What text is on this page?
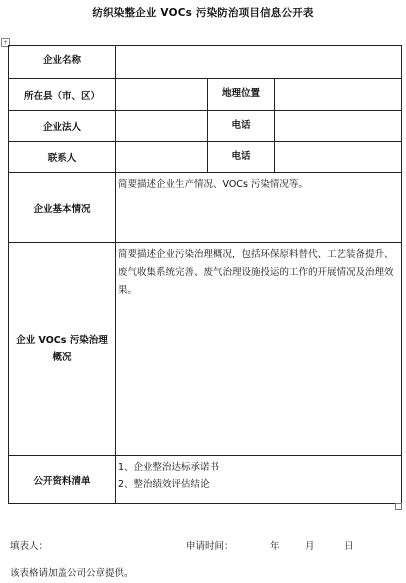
纺织染整企业 VOCs 污染防治项目信息公开表
+
企业名称			
所在县（市、区）		地理位置	
企业法人		电话	
联系人		电话	
企业基本情况	简要描述企业生产情况、VOCs 污染情况等。		
企业 VOCs 污染治理概况	简要描述企业污染治理概况，包括环保原料替代、工艺装备提升、废气收集系统完善、废气治理设施投运的工作的开展情况及治理效果。		
公开资料清单	1、企业整治达标承诺书
2、整治绩效评估结论		
填表人：	申请时间：	年	月	日
该表格请加盖公司公章提供。
